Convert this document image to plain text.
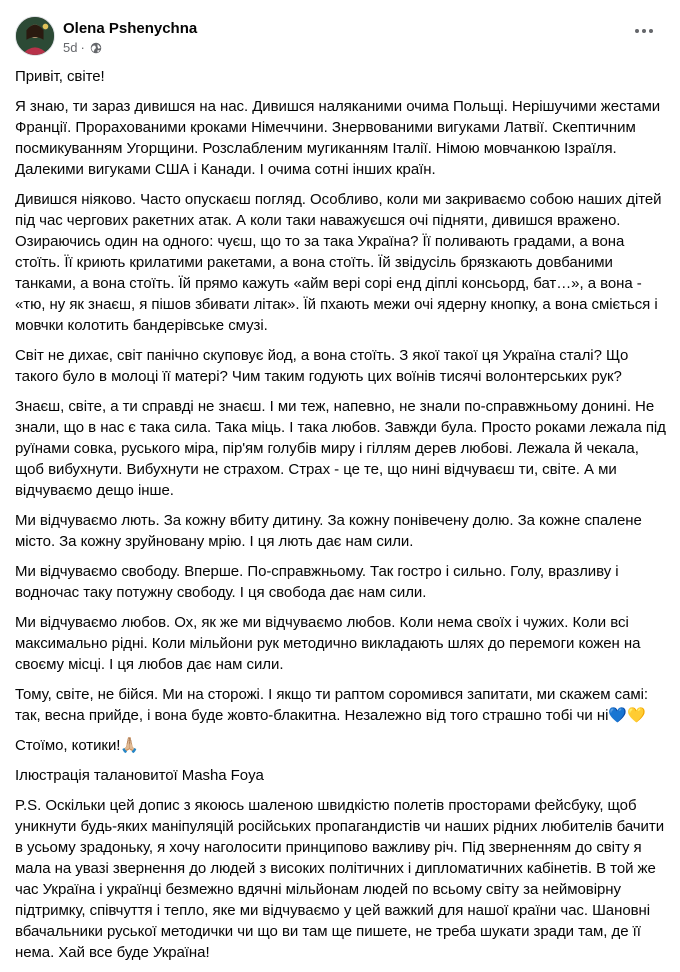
Olena Pshenychna
5d ·

Привіт, світе!

Я знаю, ти зараз дивишся на нас. Дивишся наляканими очима Польщі. Нерішучими жестами Франції. Прорахованими кроками Німеччини. Знервованими вигуками Латвії. Скептичним посмикуванням Угорщини. Розслабленим мугиканням Італії. Німою мовчанкою Ізраїля. Далекими вигуками США і Канади. І очима сотні інших країн.

Дивишся ніяково. Часто опускаєш погляд. Особливо, коли ми закриваємо собою наших дітей під час чергових ракетних атак. А коли таки наважуєшся очі підняти, дивишся вражено. Озираючись один на одного: чуєш, що то за така Україна? Її поливають градами, а вона стоїть. Її криють крилатими ракетами, а вона стоїть. Їй звідусіль брязкають довбаними танками, а вона стоїть. Їй прямо кажуть «айм вері сорі енд діплі консьорд, бат…», а вона - «тю, ну як знаєш, я пішов збивати літак». Їй пхають межи очі ядерну кнопку, а вона сміється і мовчки колотить бандерівське смузі.

Світ не дихає, світ панічно скуповує йод, а вона стоїть. З якої такої ця Україна сталі? Що такого було в молоці її матері? Чим таким годують цих воїнів тисячі волонтерських рук?

Знаєш, світе, а ти справді не знаєш. І ми теж, напевно, не знали по-справжньому донині. Не знали, що в нас є така сила. Така міць. І така любов. Завжди була. Просто роками лежала під руїнами совка, руського міра, пір'ям голубів миру і гіллям дерев любові. Лежала й чекала, щоб вибухнути. Вибухнути не страхом. Страх - це те, що нині відчуваєш ти, світе. А ми відчуваємо дещо інше.

Ми відчуваємо лють. За кожну вбиту дитину. За кожну понівечену долю. За кожне спалене місто. За кожну зруйновану мрію. І ця лють дає нам сили.

Ми відчуваємо свободу. Вперше. По-справжньому. Так гостро і сильно. Голу, вразливу і водночас таку потужну свободу. І ця свобода дає нам сили.

Ми відчуваємо любов. Ох, як же ми відчуваємо любов. Коли нема своїх і чужих. Коли всі максимально рідні. Коли мільйони рук методично викладають шлях до перемоги кожен на своєму місці. І ця любов дає нам сили.

Тому, світе, не бійся. Ми на сторожі. І якщо ти раптом соромився запитати, ми скажем самі: так, весна прийде, і вона буде жовто-блакитна. Незалежно від того страшно тобі чи ні💙💛

Стоїмо, котики!🙏🏼

Ілюстрація талановитої Masha Foya

P.S. Оскільки цей допис з якоюсь шаленою швидкістю полетів просторами фейсбуку, щоб уникнути будь-яких маніпуляцій російських пропагандистів чи наших рідних любителів бачити в усьому зрадоньку, я хочу наголосити принципово важливу річ. Під зверненням до світу я мала на увазі звернення до людей з високих політичних і дипломатичних кабінетів. В той же час Україна і українці безмежно вдячні мільйонам людей по всьому світу за неймовірну підтримку, співчуття і тепло, яке ми відчуваємо у цей важкий для нашої країни час. Шановні вбачальники руської методички чи що ви там ще пишете, не треба шукати зради там, де її нема. Хай все буде Україна!
